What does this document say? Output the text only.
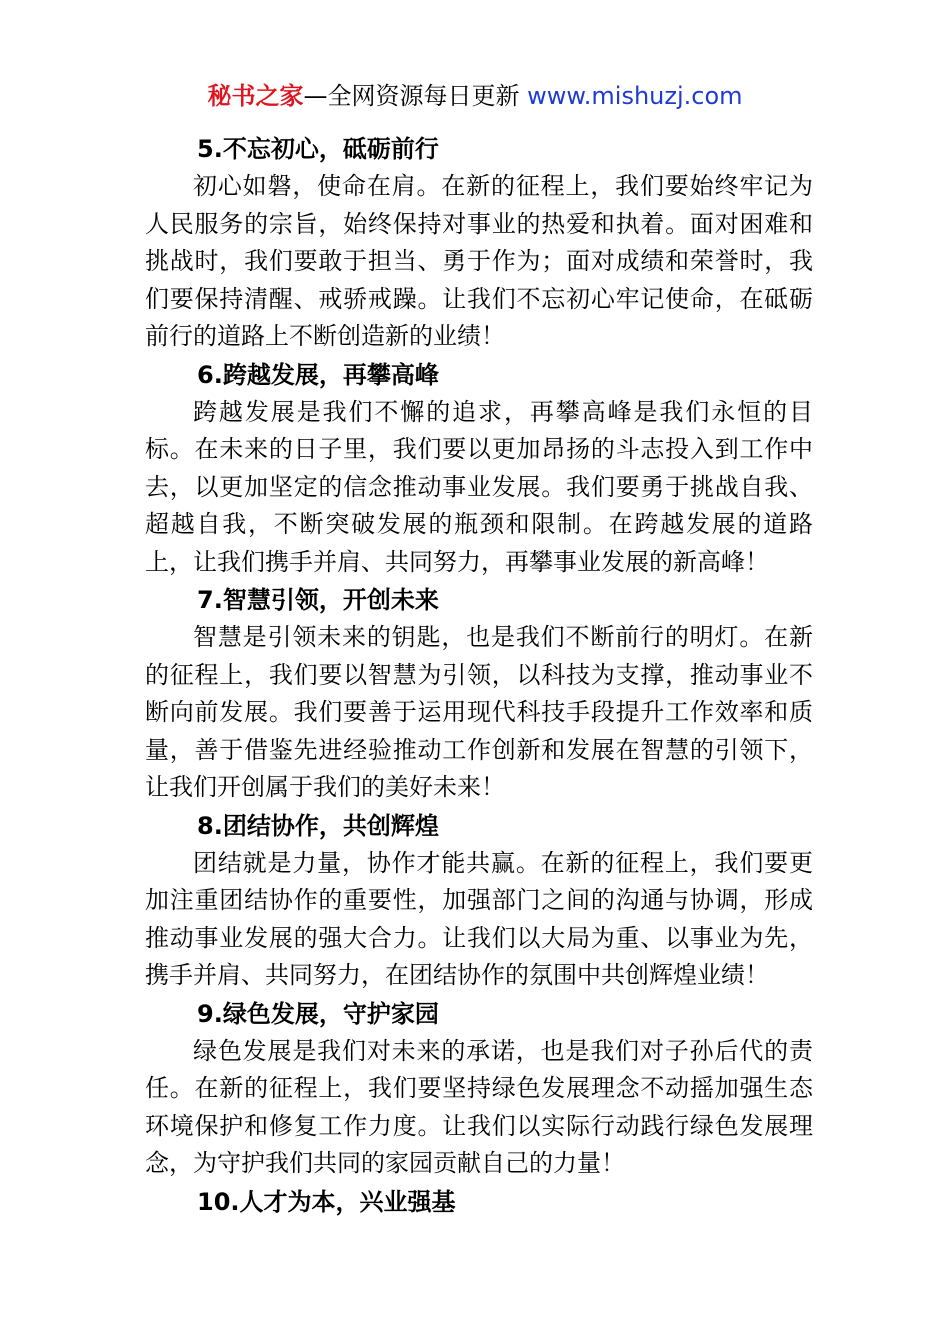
秘书之家—全网资源每日更新 www.mishuzj.com
5.不忘初心，砥砺前行

初心如磐，使命在肩。在新的征程上，我们要始终牢记为人民服务的宗旨，始终保持对事业的热爱和执着。面对困难和挑战时，我们要敢于担当、勇于作为；面对成绩和荣誉时，我们要保持清醒、戒骄戒躁。让我们不忘初心牢记使命，在砥砺前行的道路上不断创造新的业绩！

6.跨越发展，再攀高峰

跨越发展是我们不懈的追求，再攀高峰是我们永恒的目标。在未来的日子里，我们要以更加昂扬的斗志投入到工作中去，以更加坚定的信念推动事业发展。我们要勇于挑战自我、超越自我，不断突破发展的瓶颈和限制。在跨越发展的道路上，让我们携手并肩、共同努力，再攀事业发展的新高峰！

7.智慧引领，开创未来

智慧是引领未来的钥匙，也是我们不断前行的明灯。在新的征程上，我们要以智慧为引领，以科技为支撑，推动事业不断向前发展。我们要善于运用现代科技手段提升工作效率和质量，善于借鉴先进经验推动工作创新和发展在智慧的引领下，让我们开创属于我们的美好未来！

8.团结协作，共创辉煌

团结就是力量，协作才能共赢。在新的征程上，我们要更加注重团结协作的重要性，加强部门之间的沟通与协调，形成推动事业发展的强大合力。让我们以大局为重、以事业为先，携手并肩、共同努力，在团结协作的氛围中共创辉煌业绩！

9.绿色发展，守护家园

绿色发展是我们对未来的承诺，也是我们对子孙后代的责任。在新的征程上，我们要坚持绿色发展理念不动摇加强生态环境保护和修复工作力度。让我们以实际行动践行绿色发展理念，为守护我们共同的家园贡献自己的力量！

10.人才为本，兴业强基
